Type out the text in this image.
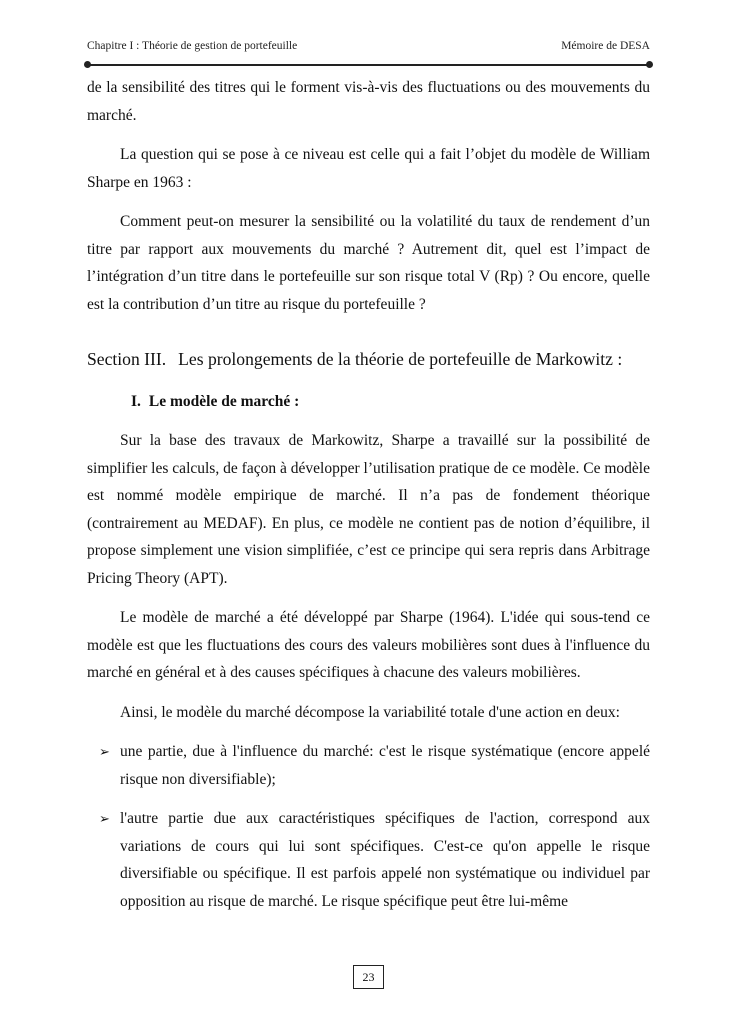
Chapitre I : Théorie de gestion de portefeuille	Mémoire de DESA

de la sensibilité des titres qui le forment vis-à-vis des fluctuations ou des mouvements du marché.

La question qui se pose à ce niveau est celle qui a fait l’objet du modèle de William Sharpe en 1963 :

Comment peut-on mesurer la sensibilité ou la volatilité du taux de rendement d’un titre par rapport aux mouvements du marché ? Autrement dit, quel est l’impact de l’intégration d’un titre dans le portefeuille sur son risque total V (Rp) ? Ou encore, quelle est la contribution d’un titre au risque du portefeuille ?

Section III. Les prolongements de la théorie de portefeuille de Markowitz :

I. Le modèle de marché :

Sur la base des travaux de Markowitz, Sharpe a travaillé sur la possibilité de simplifier les calculs, de façon à développer l’utilisation pratique de ce modèle. Ce modèle est nommé modèle empirique de marché. Il n’a pas de fondement théorique (contrairement au MEDAF). En plus, ce modèle ne contient pas de notion d’équilibre, il propose simplement une vision simplifiée, c’est ce principe qui sera repris dans Arbitrage Pricing Theory (APT).

Le modèle de marché a été développé par Sharpe (1964). L'idée qui sous-tend ce modèle est que les fluctuations des cours des valeurs mobilières sont dues à l'influence du marché en général et à des causes spécifiques à chacune des valeurs mobilières.

Ainsi, le modèle du marché décompose la variabilité totale d'une action en deux:

➢ une partie, due à l'influence du marché: c'est le risque systématique (encore appelé risque non diversifiable);
➢ l'autre partie due aux caractéristiques spécifiques de l'action, correspond aux variations de cours qui lui sont spécifiques. C'est-ce qu'on appelle le risque diversifiable ou spécifique. Il est parfois appelé non systématique ou individuel par opposition au risque de marché. Le risque spécifique peut être lui-même
23
